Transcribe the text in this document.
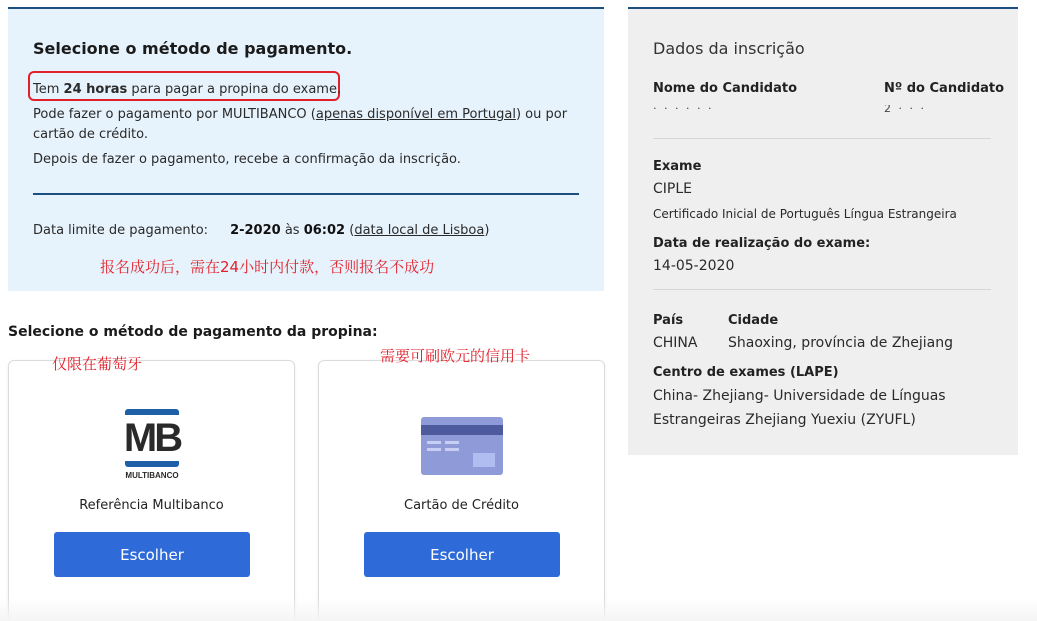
Selecione o método de pagamento.
Tem 24 horas para pagar a propina do exame.
Pode fazer o pagamento por MULTIBANCO (apenas disponível em Portugal) ou por cartão de crédito.
Depois de fazer o pagamento, recebe a confirmação da inscrição.
Data limite de pagamento: 2-2020 às 06:02 (data local de Lisboa)
报名成功后，需在24小时内付款，否则报名不成功
Selecione o método de pagamento da propina:
MB
MULTIBANCO
Referência Multibanco
Escolher
Cartão de Crédito
Escolher
仅限在葡萄牙	需要可刷欧元的信用卡
Dados da inscrição
Nome do Candidato
· · · · · ·
Nº do Candidato
2 · · ·
Exame
CIPLE
Certificado Inicial de Português Língua Estrangeira
Data de realização do exame:
14-05-2020
País
CHINA
Cidade
Shaoxing, província de Zhejiang
Centro de exames (LAPE)
China- Zhejiang- Universidade de Línguas
Estrangeiras Zhejiang Yuexiu (ZYUFL)
